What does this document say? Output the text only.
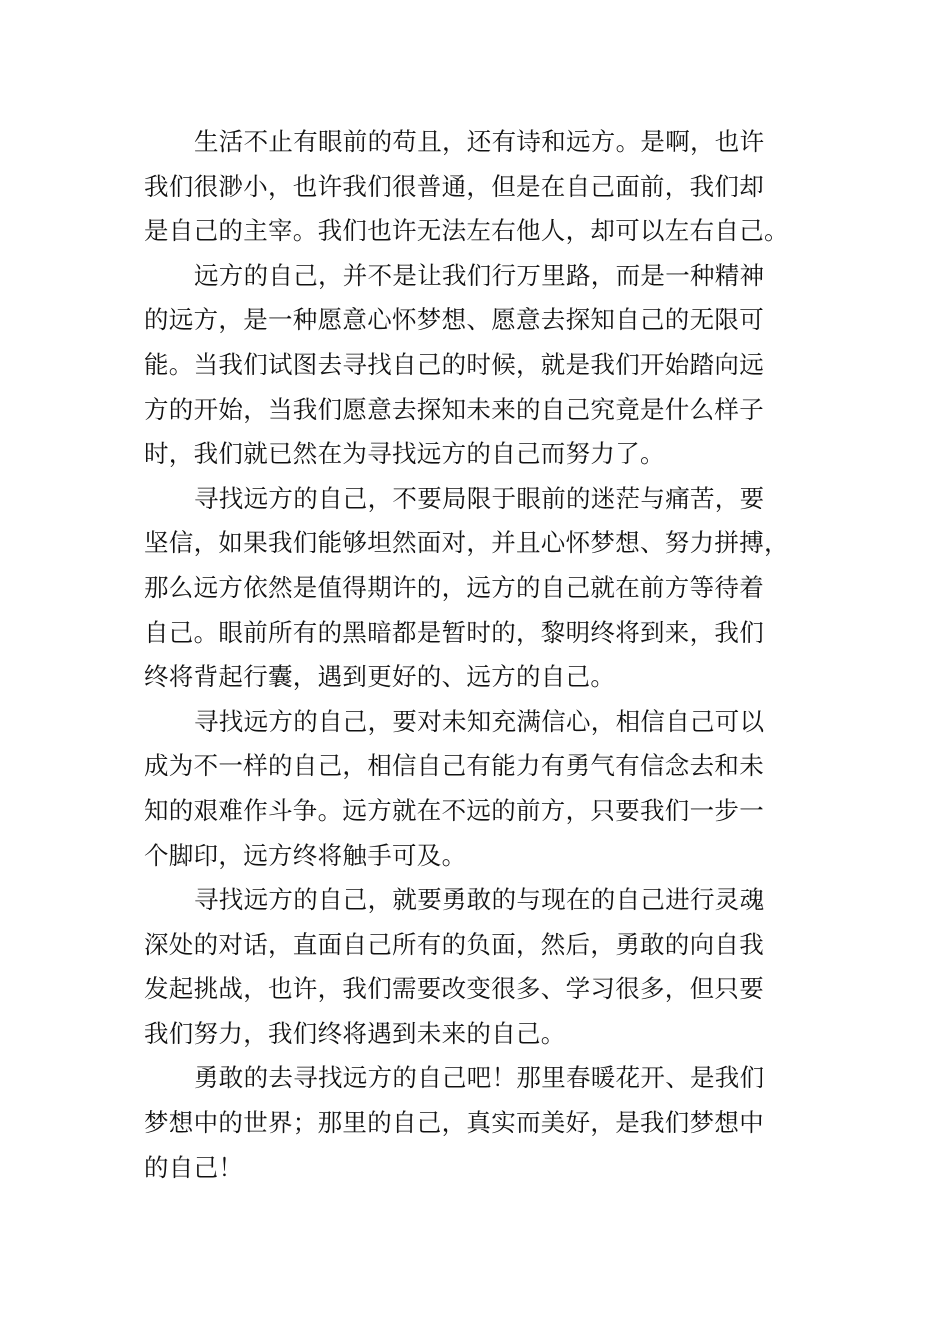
生活不止有眼前的苟且，还有诗和远方。是啊，也许
我们很渺小，也许我们很普通，但是在自己面前，我们却
是自己的主宰。我们也许无法左右他人，却可以左右自己。
远方的自己，并不是让我们行万里路，而是一种精神
的远方，是一种愿意心怀梦想、愿意去探知自己的无限可
能。当我们试图去寻找自己的时候，就是我们开始踏向远
方的开始，当我们愿意去探知未来的自己究竟是什么样子
时，我们就已然在为寻找远方的自己而努力了。
寻找远方的自己，不要局限于眼前的迷茫与痛苦，要
坚信，如果我们能够坦然面对，并且心怀梦想、努力拼搏，
那么远方依然是值得期许的，远方的自己就在前方等待着
自己。眼前所有的黑暗都是暂时的，黎明终将到来，我们
终将背起行囊，遇到更好的、远方的自己。
寻找远方的自己，要对未知充满信心，相信自己可以
成为不一样的自己，相信自己有能力有勇气有信念去和未
知的艰难作斗争。远方就在不远的前方，只要我们一步一
个脚印，远方终将触手可及。
寻找远方的自己，就要勇敢的与现在的自己进行灵魂
深处的对话，直面自己所有的负面，然后，勇敢的向自我
发起挑战，也许，我们需要改变很多、学习很多，但只要
我们努力，我们终将遇到未来的自己。
勇敢的去寻找远方的自己吧！那里春暖花开、是我们
梦想中的世界；那里的自己，真实而美好，是我们梦想中
的自己！
